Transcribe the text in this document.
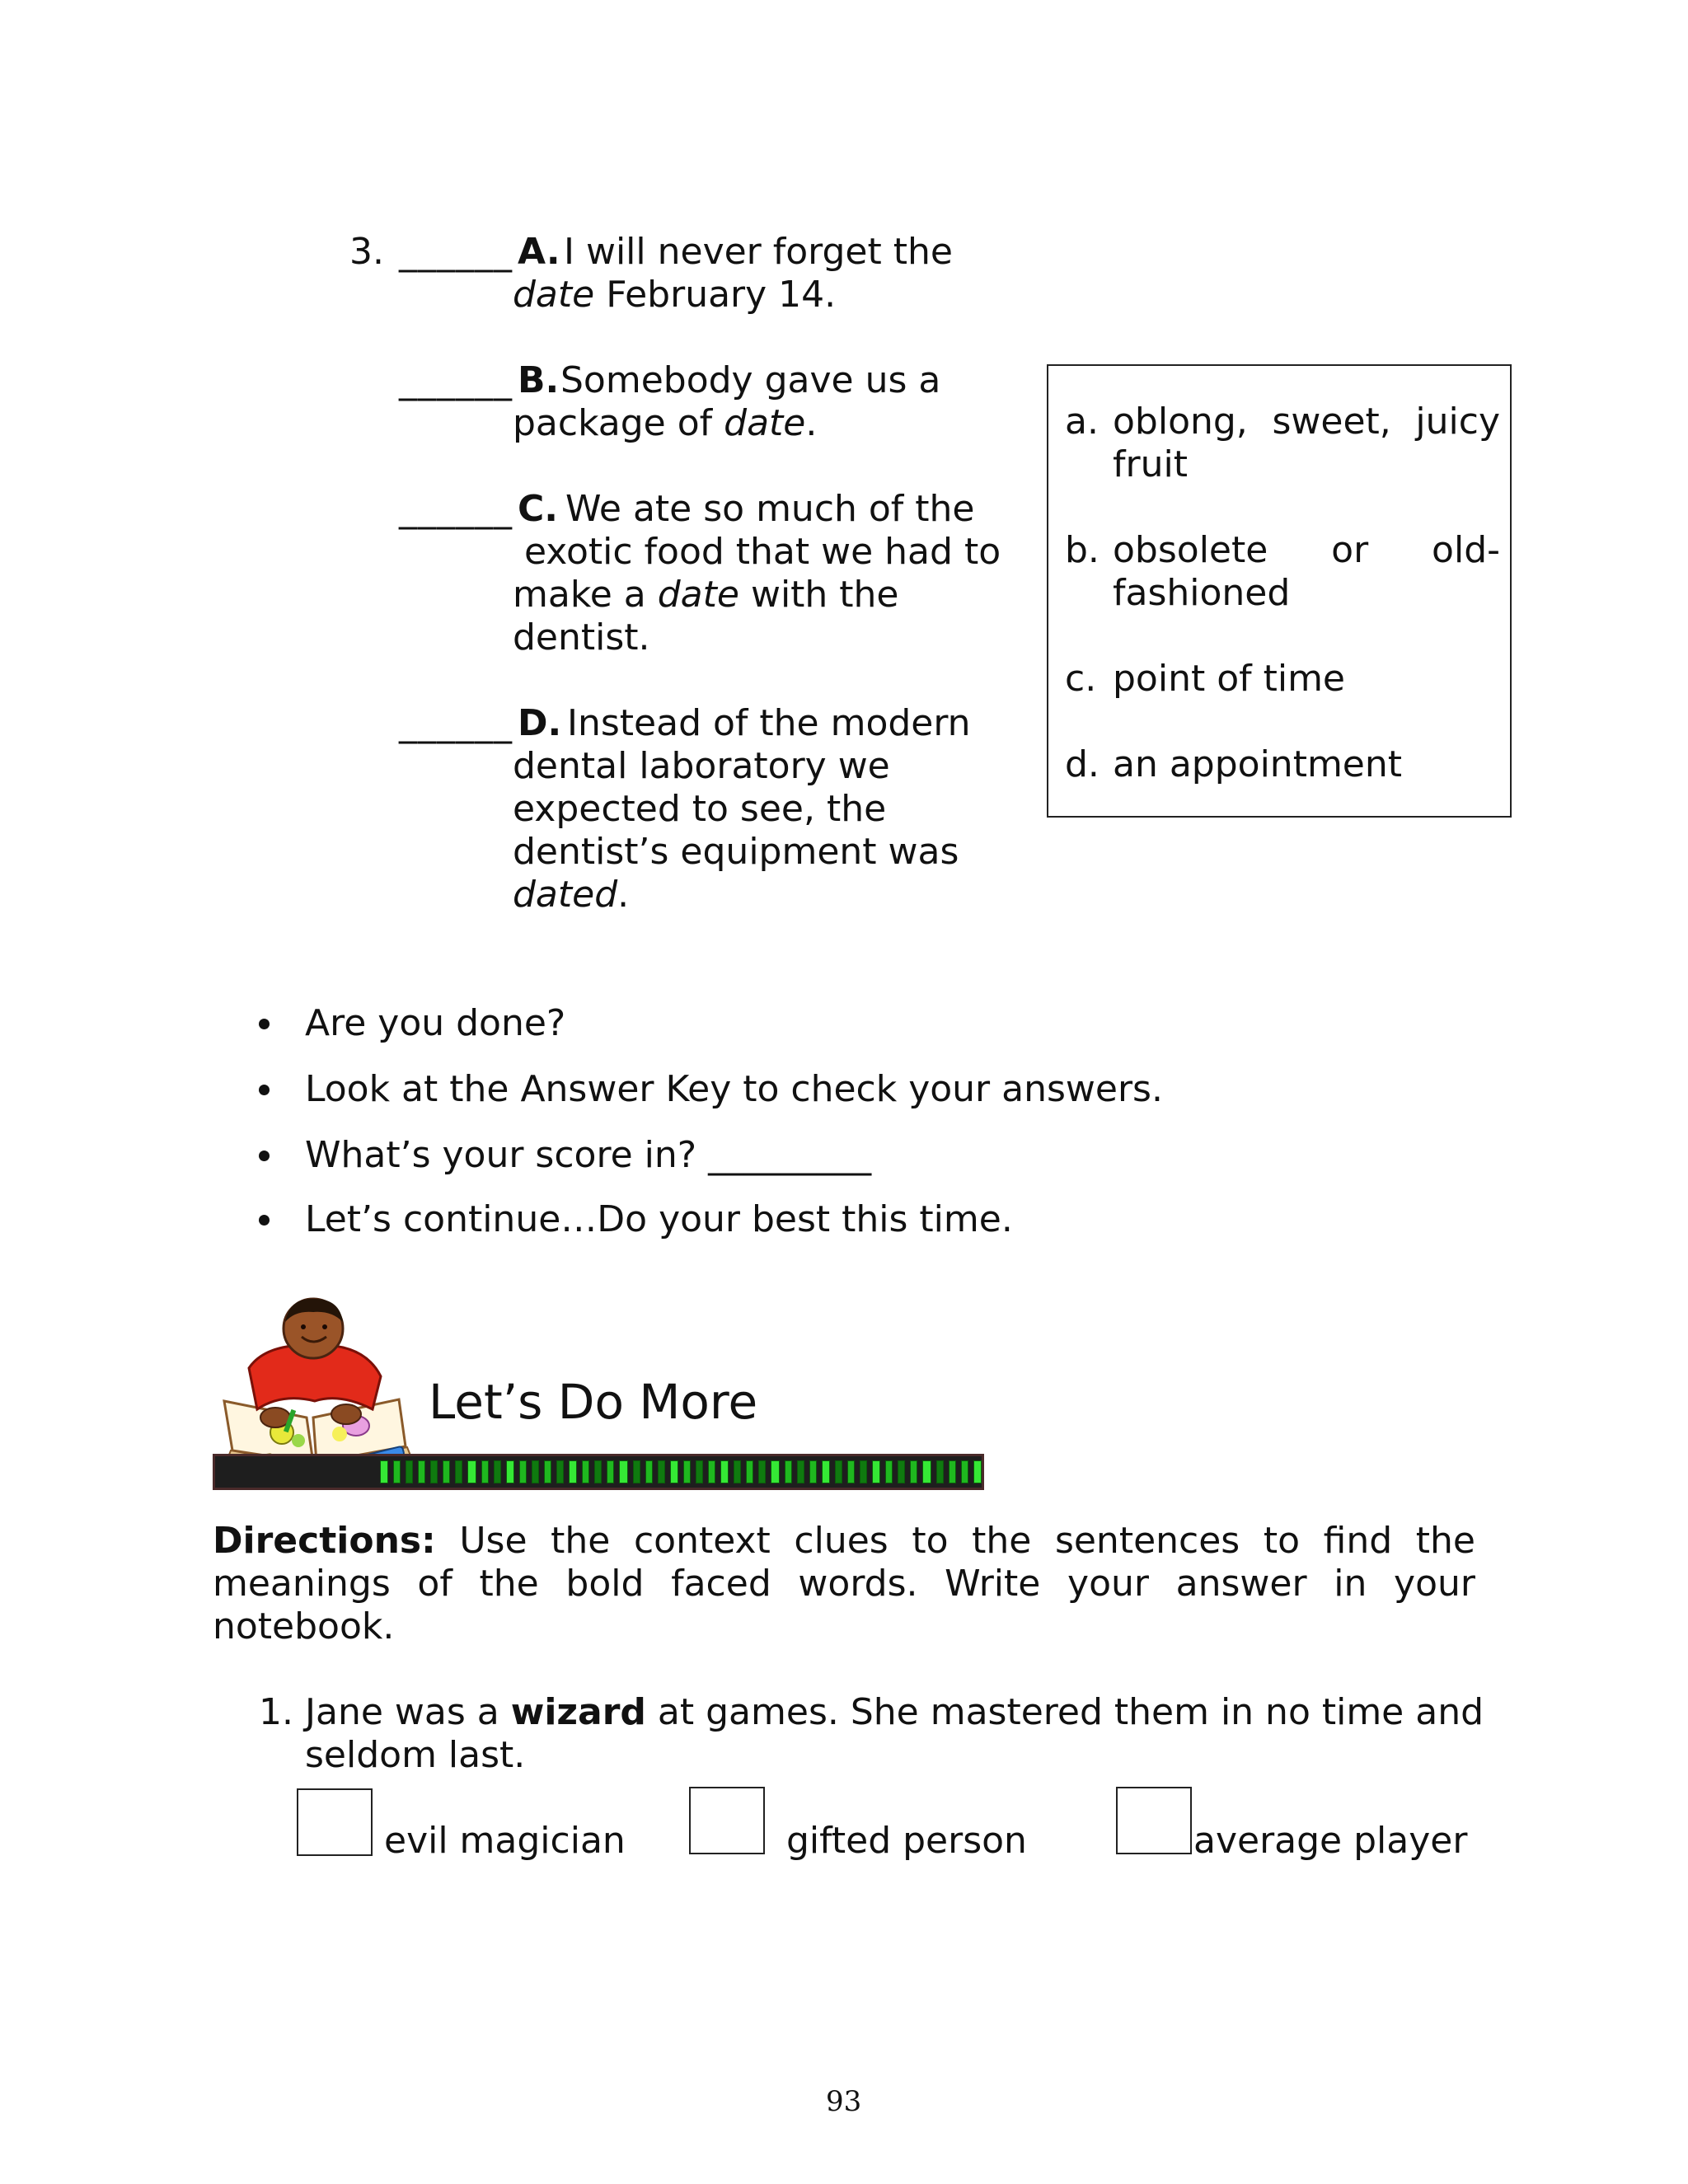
3. ______ A. I will never forget the
date February 14.
______ B. Somebody gave us a
package of date.
______ C.
We ate so much of the
exotic food that we had to
make a date with the
dentist.
______ D. Instead of the modern
dental laboratory we
expected to see, the
dentist’s equipment was
dated.
a. oblong, sweet, juicy
fruit
b. obsolete or old-
fashioned
c. point of time
d. an appointment
Are you done?
Look at the Answer Key to check your answers.
What’s your score in? _________
Let’s continue…Do your best this time.
Let’s Do More
Directions: Use the context clues to the sentences to find the
meanings of the bold faced words. Write your answer in your
notebook.
1. Jane was a wizard at games. She mastered them in no time and
seldom last.
evil magician	gifted person	average player
93
